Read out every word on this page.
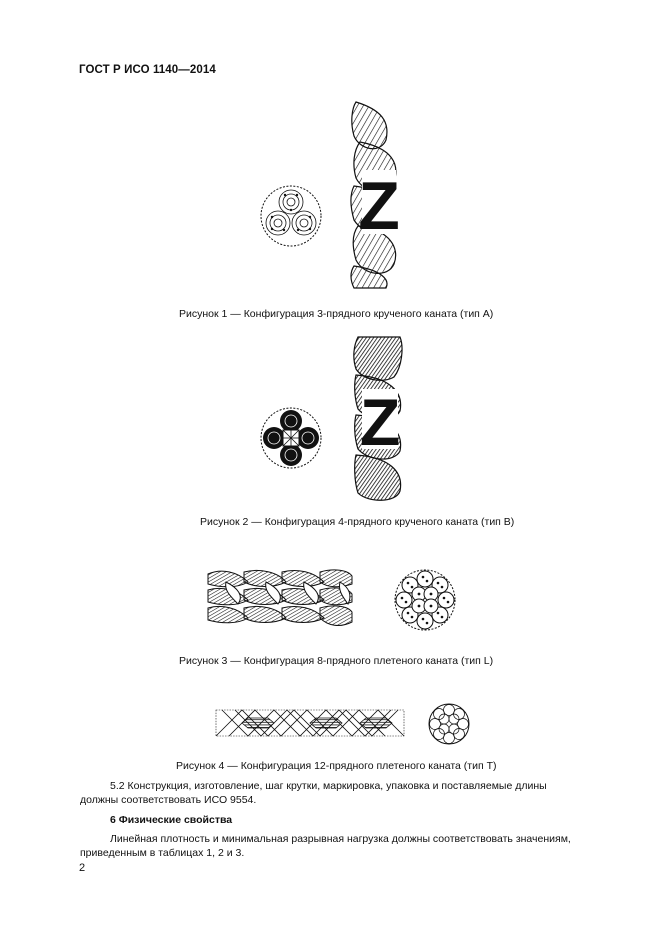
ГОСТ Р ИСО 1140—2014
Z
Рисунок 1 — Конфигурация 3-прядного крученого каната (тип А)
Z
Рисунок 2 — Конфигурация 4-прядного крученого каната (тип В)
Рисунок 3 — Конфигурация 8-прядного плетеного каната (тип L)
Рисунок 4 — Конфигурация 12-прядного плетеного каната (тип Т)
5.2 Конструкция, изготовление, шаг крутки, маркировка, упаковка и поставляемые длины
должны соответствовать ИСО 9554.
6 Физические свойства
Линейная плотность и минимальная разрывная нагрузка должны соответствовать значениям,
приведенным в таблицах 1, 2 и 3.
2
